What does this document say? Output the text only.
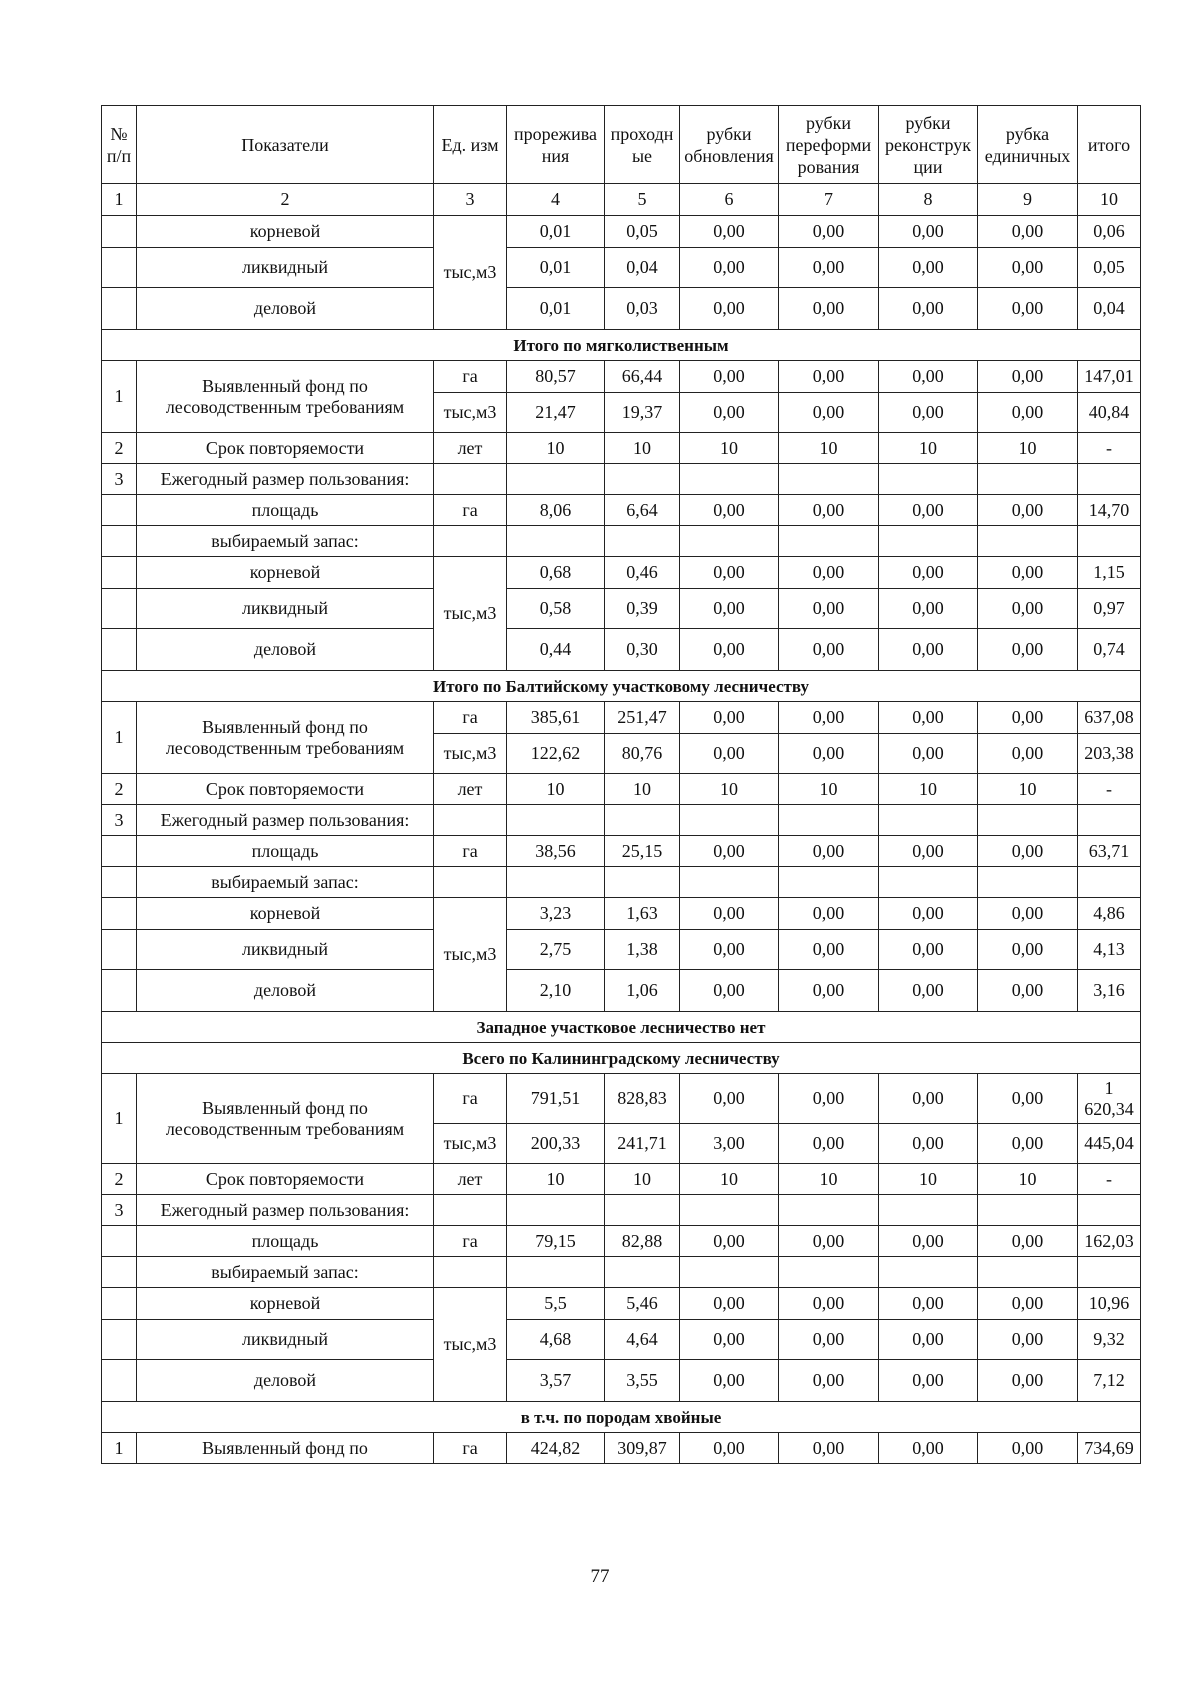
№ п/п	Показатели	Ед. изм	прорежива ния	проходн ые	рубки обновления	рубки переформи рования	рубки реконструк ции	рубка единичных	итого
1	2	3	4	5	6	7	8	9	10
	корневой	тыс,м3	0,01	0,05	0,00	0,00	0,00	0,00	0,06
	ликвидный		0,01	0,04	0,00	0,00	0,00	0,00	0,05
	деловой		0,01	0,03	0,00	0,00	0,00	0,00	0,04
Итого по мягколиственным									
1	Выявленный фонд по лесоводственным требованиям	га	80,57	66,44	0,00	0,00	0,00	0,00	147,01
		тыс,м3	21,47	19,37	0,00	0,00	0,00	0,00	40,84
2	Срок повторяемости	лет	10	10	10	10	10	10	-
3	Ежегодный размер пользования:								
	площадь	га	8,06	6,64	0,00	0,00	0,00	0,00	14,70
	выбираемый запас:								
	корневой	тыс,м3	0,68	0,46	0,00	0,00	0,00	0,00	1,15
	ликвидный		0,58	0,39	0,00	0,00	0,00	0,00	0,97
	деловой		0,44	0,30	0,00	0,00	0,00	0,00	0,74
Итого по Балтийскому участковому лесничеству									
1	Выявленный фонд по лесоводственным требованиям	га	385,61	251,47	0,00	0,00	0,00	0,00	637,08
		тыс,м3	122,62	80,76	0,00	0,00	0,00	0,00	203,38
2	Срок повторяемости	лет	10	10	10	10	10	10	-
3	Ежегодный размер пользования:								
	площадь	га	38,56	25,15	0,00	0,00	0,00	0,00	63,71
	выбираемый запас:								
	корневой	тыс,м3	3,23	1,63	0,00	0,00	0,00	0,00	4,86
	ликвидный		2,75	1,38	0,00	0,00	0,00	0,00	4,13
	деловой		2,10	1,06	0,00	0,00	0,00	0,00	3,16
Западное участковое лесничество нет									
Всего по Калининградскому лесничеству									
1	Выявленный фонд по лесоводственным требованиям	га	791,51	828,83	0,00	0,00	0,00	0,00	1 620,34
		тыс,м3	200,33	241,71	3,00	0,00	0,00	0,00	445,04
2	Срок повторяемости	лет	10	10	10	10	10	10	-
3	Ежегодный размер пользования:								
	площадь	га	79,15	82,88	0,00	0,00	0,00	0,00	162,03
	выбираемый запас:								
	корневой	тыс,м3	5,5	5,46	0,00	0,00	0,00	0,00	10,96
	ликвидный		4,68	4,64	0,00	0,00	0,00	0,00	9,32
	деловой		3,57	3,55	0,00	0,00	0,00	0,00	7,12
в т.ч. по породам хвойные									
1	Выявленный фонд по	га	424,82	309,87	0,00	0,00	0,00	0,00	734,69
77
